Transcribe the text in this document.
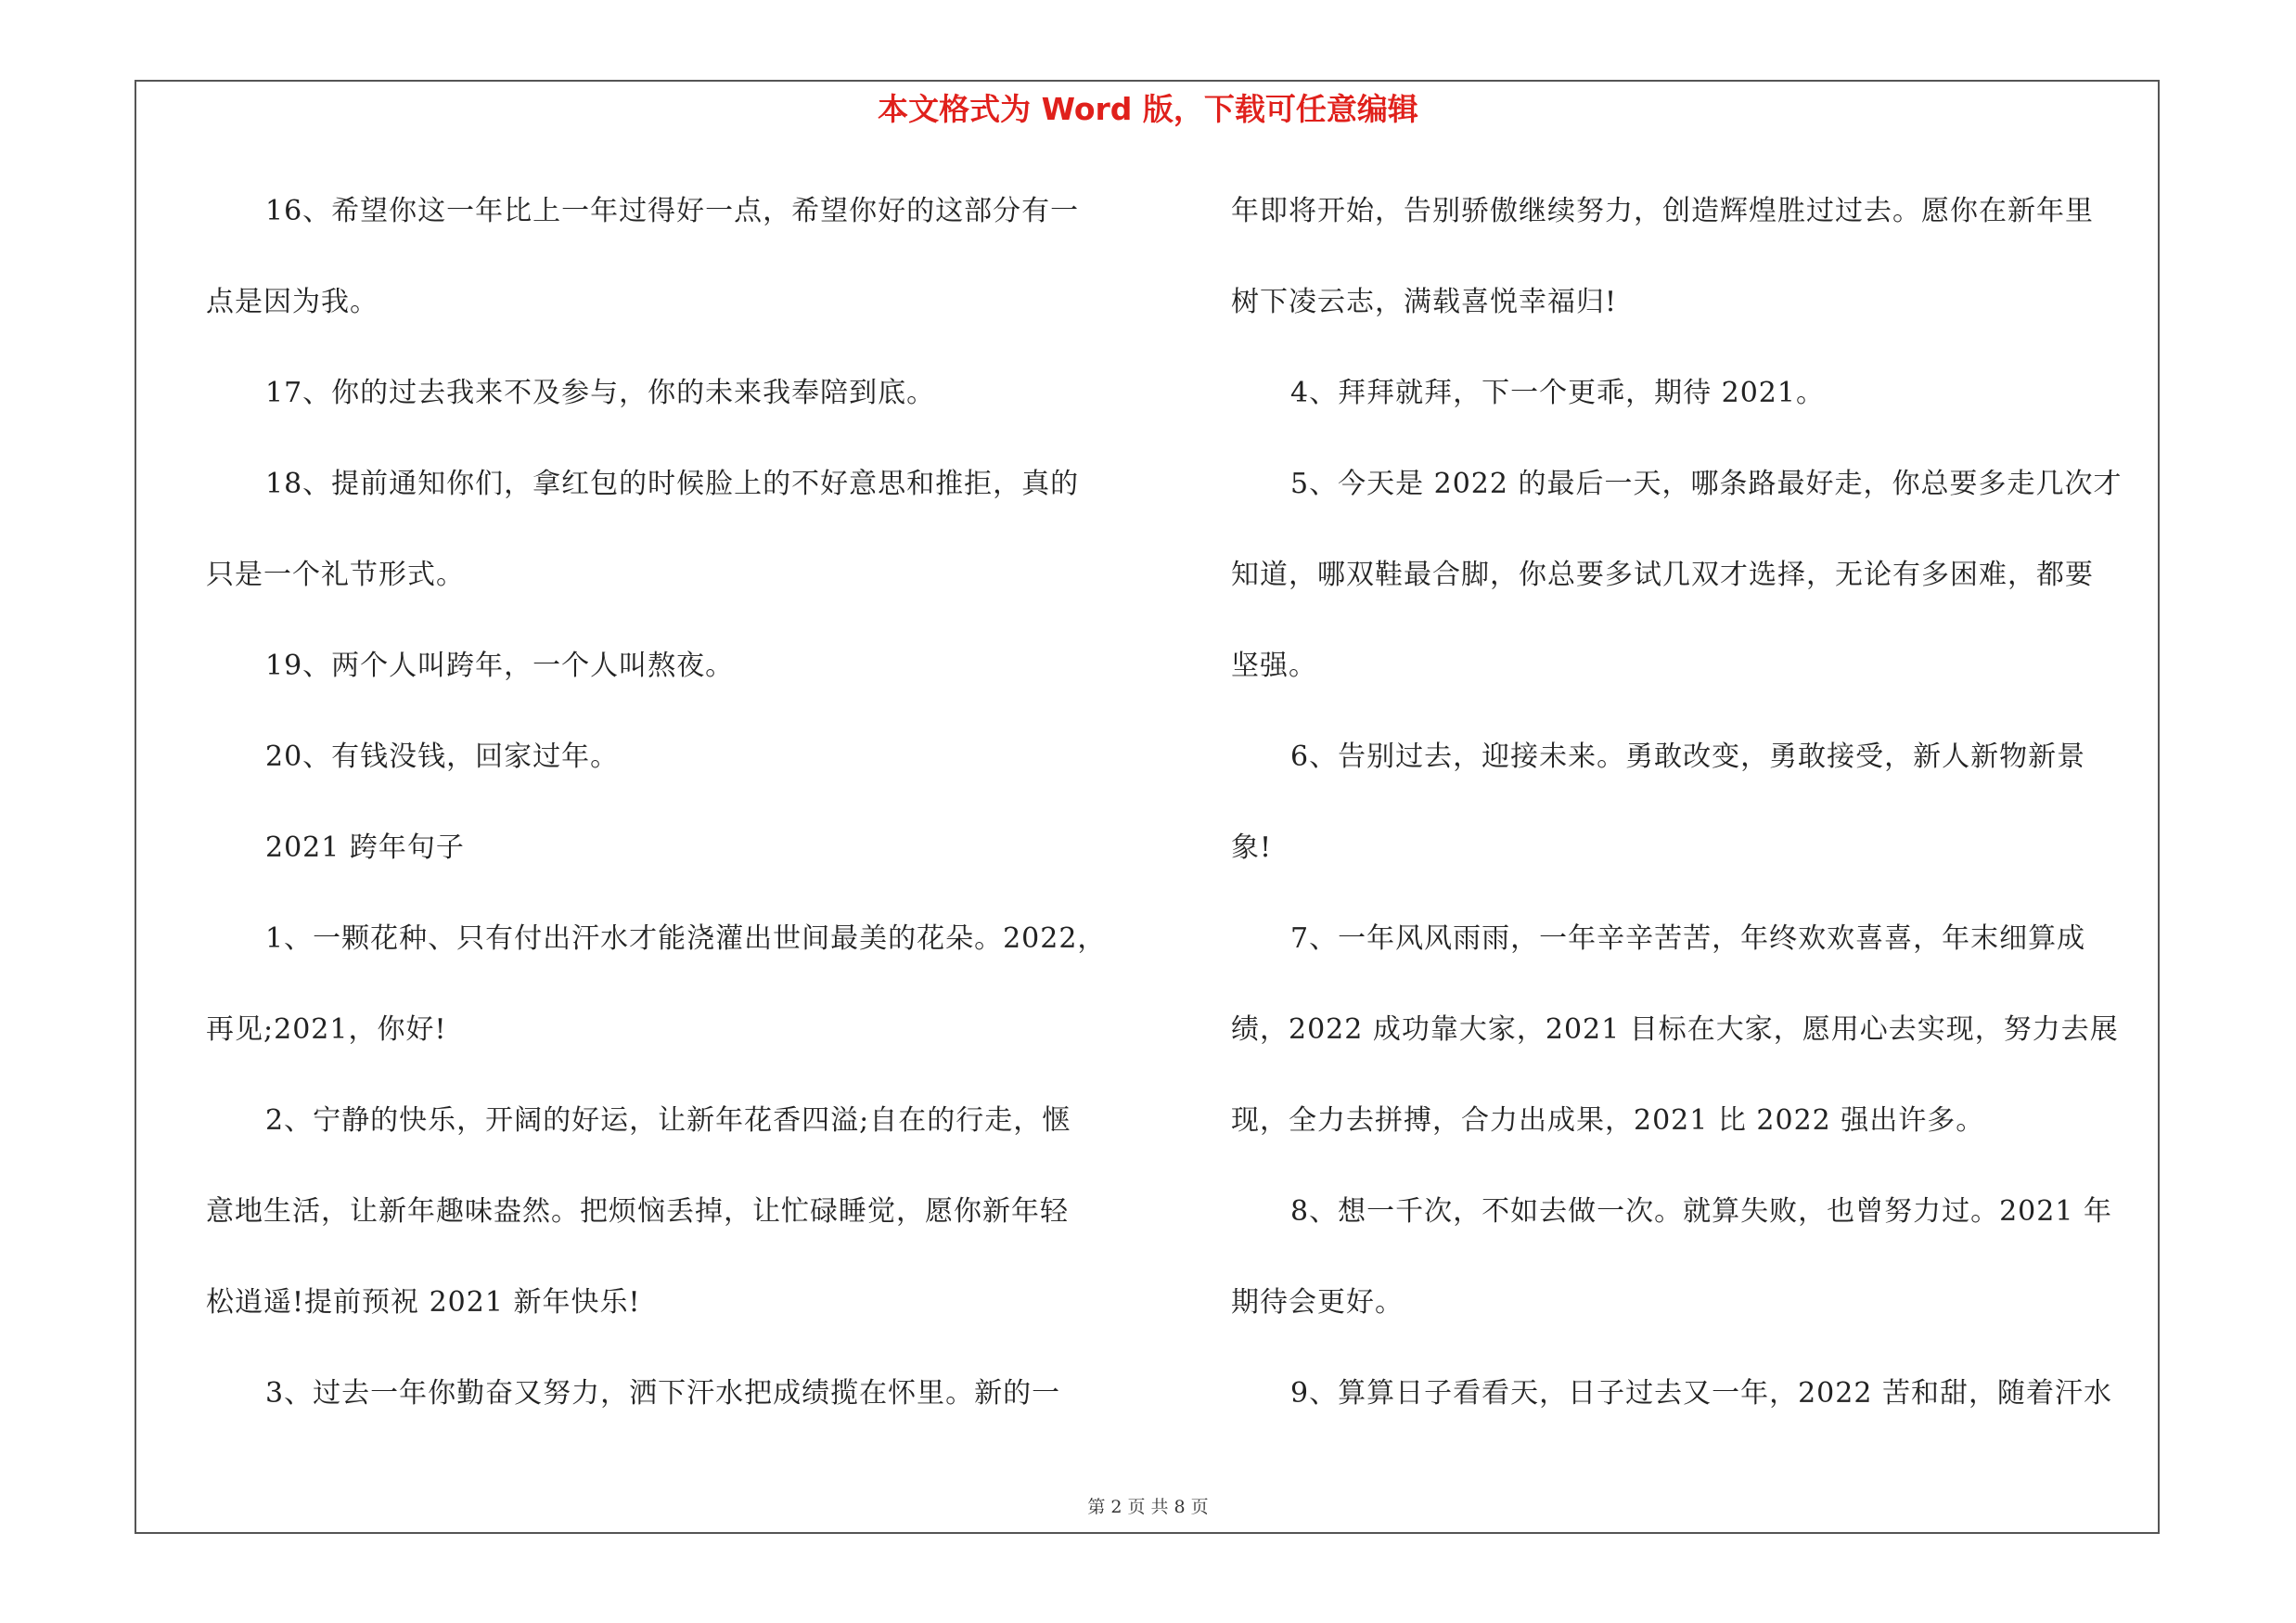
本文格式为 Word 版，下载可任意编辑
16、希望你这一年比上一年过得好一点，希望你好的这部分有一
点是因为我。
17、你的过去我来不及参与，你的未来我奉陪到底。
18、提前通知你们，拿红包的时候脸上的不好意思和推拒，真的
只是一个礼节形式。
19、两个人叫跨年，一个人叫熬夜。
20、有钱没钱，回家过年。
2021 跨年句子
1、一颗花种、只有付出汗水才能浇灌出世间最美的花朵。2022，
再见;2021，你好!
2、宁静的快乐，开阔的好运，让新年花香四溢;自在的行走，惬
意地生活，让新年趣味盎然。把烦恼丢掉，让忙碌睡觉，愿你新年轻
松逍遥!提前预祝 2021 新年快乐!
3、过去一年你勤奋又努力，洒下汗水把成绩揽在怀里。新的一
年即将开始，告别骄傲继续努力，创造辉煌胜过过去。愿你在新年里
树下凌云志，满载喜悦幸福归!
4、拜拜就拜，下一个更乖，期待 2021。
5、今天是 2022 的最后一天，哪条路最好走，你总要多走几次才
知道，哪双鞋最合脚，你总要多试几双才选择，无论有多困难，都要
坚强。
6、告别过去，迎接未来。勇敢改变，勇敢接受，新人新物新景
象!
7、一年风风雨雨，一年辛辛苦苦，年终欢欢喜喜，年末细算成
绩，2022 成功靠大家，2021 目标在大家，愿用心去实现，努力去展
现，全力去拼搏，合力出成果，2021 比 2022 强出许多。
8、想一千次，不如去做一次。就算失败，也曾努力过。2021 年
期待会更好。
9、算算日子看看天，日子过去又一年，2022 苦和甜，随着汗水
第 2 页 共 8 页
